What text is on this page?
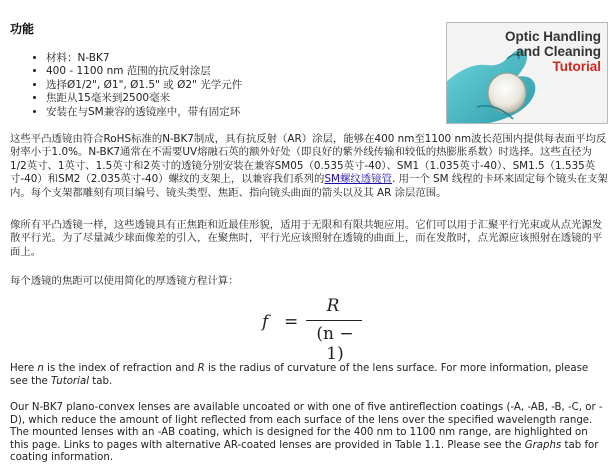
功能
• 材料：N-BK7
• 400 - 1100 nm 范围的抗反射涂层
• 选择Ø1/2", Ø1", Ø1.5" 或 Ø2" 光学元件
• 焦距从15毫米到2500毫米
• 安装在与SM兼容的透镜座中，带有固定环
Optic Handling
and Cleaning
Tutorial

这些平凸透镜由符合RoHS标准的N-BK7制成，具有抗反射（AR）涂层，能够在400 nm至1100 nm波长范围内提供每表面平均反射率小于1.0%。N-BK7通常在不需要UV熔融石英的额外好处（即良好的紫外线传输和较低的热膨胀系数）时选择。这些直径为1/2英寸、1英寸、1.5英寸和2英寸的透镜分别安装在兼容SM05（0.535英寸-40）、SM1（1.035英寸-40）、SM1.5（1.535英寸-40）和SM2（2.035英寸-40）螺纹的支架上，以兼容我们系列的SM螺纹透镜管. 用一个 SM 线程的卡环来固定每个镜头在支架内。每个支架都雕刻有项目编号、镜头类型、焦距、指向镜头曲面的箭头以及其 AR 涂层范围。

像所有平凸透镜一样，这些透镜具有正焦距和近最佳形貌，适用于无限和有限共轭应用。它们可以用于汇聚平行光束或从点光源发散平行光。为了尽量减少球面像差的引入，在聚焦时，平行光应该照射在透镜的曲面上，而在发散时，点光源应该照射在透镜的平面上。

每个透镜的焦距可以使用简化的厚透镜方程计算：

f =
R
(n − 1)

Here n is the index of refraction and R is the radius of curvature of the lens surface. For more information, please see the Tutorial tab.

Our N-BK7 plano-convex lenses are available uncoated or with one of five antireflection coatings (-A, -AB, -B, -C, or -D), which reduce the amount of light reflected from each surface of the lens over the specified wavelength range. The mounted lenses with an -AB coating, which is designed for the 400 nm to 1100 nm range, are highlighted on this page. Links to pages with alternative AR-coated lenses are provided in Table 1.1. Please see the Graphs tab for coating information.
